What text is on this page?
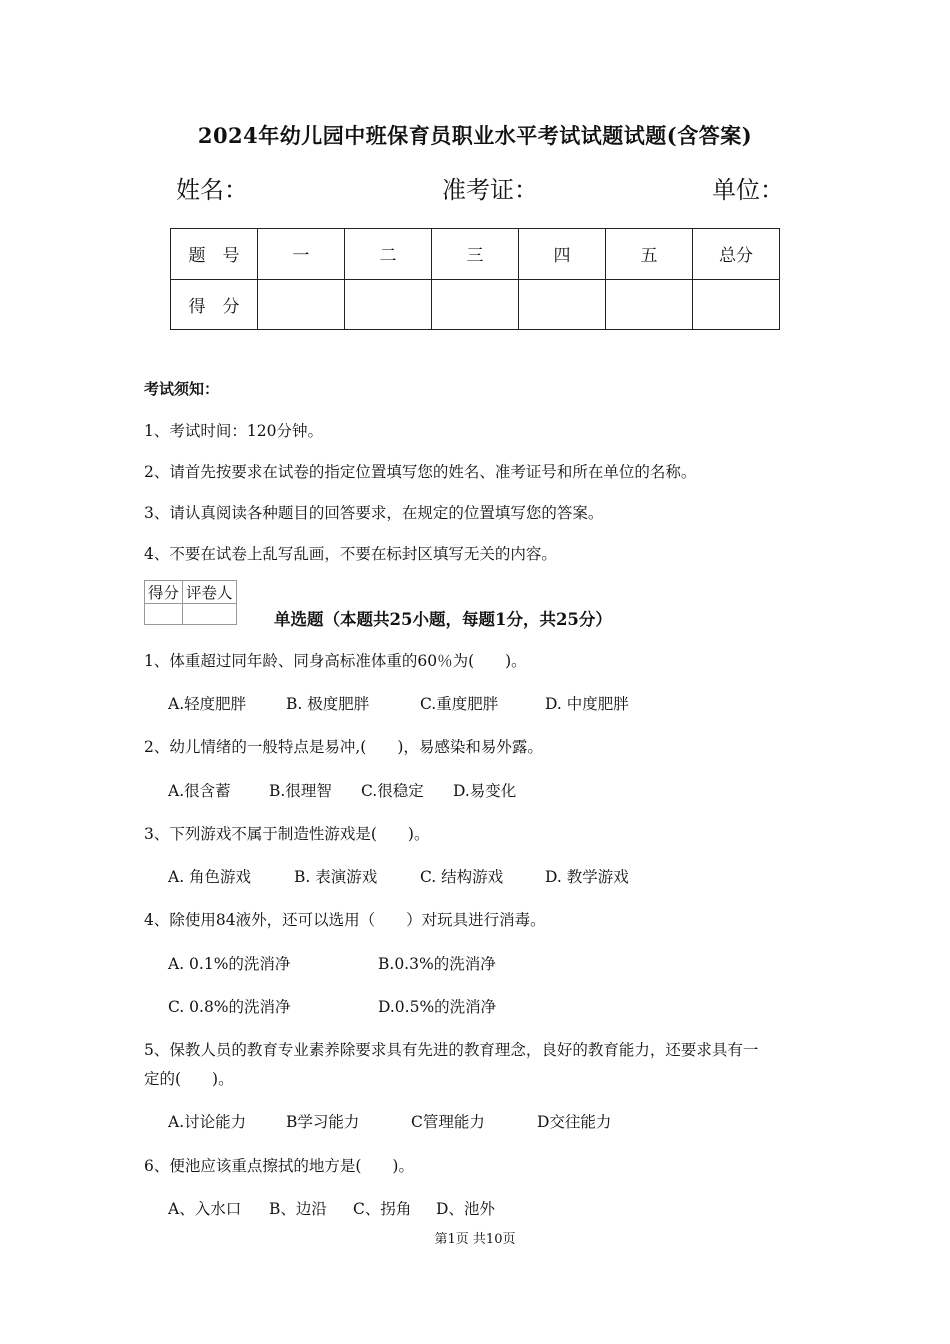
2024年幼儿园中班保育员职业水平考试试题试题(含答案)
姓名：	准考证：	单位：
题　号	一	二	三	四	五	总分
得　分						
考试须知：
1、考试时间：120分钟。
2、请首先按要求在试卷的指定位置填写您的姓名、准考证号和所在单位的名称。
3、请认真阅读各种题目的回答要求，在规定的位置填写您的答案。
4、不要在试卷上乱写乱画，不要在标封区填写无关的内容。
得分	评卷人

单选题（本题共25小题，每题1分，共25分）
1、体重超过同年龄、同身高标准体重的60％为(　　)。
A.轻度肥胖	B. 极度肥胖	C.重度肥胖	D. 中度肥胖
2、幼儿情绪的一般特点是易冲,(　　)，易感染和易外露。
A.很含蓄 B.很理智 C.很稳定 D.易变化
3、下列游戏不属于制造性游戏是(　　)。
A. 角色游戏	B. 表演游戏	C. 结构游戏	D. 教学游戏
4、除使用84液外，还可以选用（　　）对玩具进行消毒。
A. 0.1%的洗消净	B.0.3%的洗消净
C. 0.8%的洗消净	D.0.5%的洗消净
5、保教人员的教育专业素养除要求具有先进的教育理念，良好的教育能力，还要求具有一
定的(　　)。
A.讨论能力	B学习能力	C管理能力	D交往能力
6、便池应该重点擦拭的地方是(　　)。
A、入水口 B、边沿 C、拐角 D、池外
第1页 共10页
